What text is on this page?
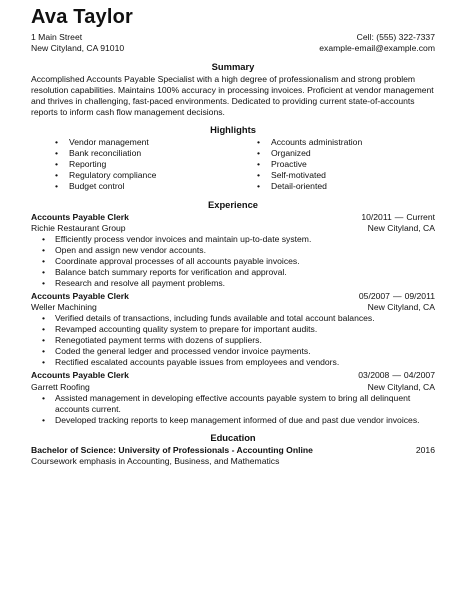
Ava Taylor
1 Main Street	Cell: (555) 322-7337
New Cityland, CA 91010	example-email@example.com
Summary

Accomplished Accounts Payable Specialist with a high degree of professionalism and strong problem resolution capabilities. Maintains 100% accuracy in processing invoices. Proficient at vendor management and thrives in challenging, fast-paced environments. Dedicated to providing current state-of-accounts reports to inform cash flow management decisions.

Highlights
• Vendor management
• Bank reconciliation
• Reporting
• Regulatory compliance
• Budget control
• Accounts administration
• Organized
• Proactive
• Self-motivated
• Detail-oriented
Experience
Accounts Payable Clerk	10/2011 — Current
Richie Restaurant Group	New Cityland, CA
• Efficiently process vendor invoices and maintain up-to-date system.
• Open and assign new vendor accounts.
• Coordinate approval processes of all accounts payable invoices.
• Balance batch summary reports for verification and approval.
• Research and resolve all payment problems.
Accounts Payable Clerk	05/2007 — 09/2011
Weller Machining	New Cityland, CA
• Verified details of transactions, including funds available and total account balances.
• Revamped accounting quality system to prepare for important audits.
• Renegotiated payment terms with dozens of suppliers.
• Coded the general ledger and processed vendor invoice payments.
• Rectified escalated accounts payable issues from employees and vendors.
Accounts Payable Clerk	03/2008 — 04/2007
Garrett Roofing	New Cityland, CA
• Assisted management in developing effective accounts payable system to bring all delinquent accounts current.
• Developed tracking reports to keep management informed of due and past due vendor invoices.
Education
Bachelor of Science: University of Professionals - Accounting Online	2016
Coursework emphasis in Accounting, Business, and Mathematics
